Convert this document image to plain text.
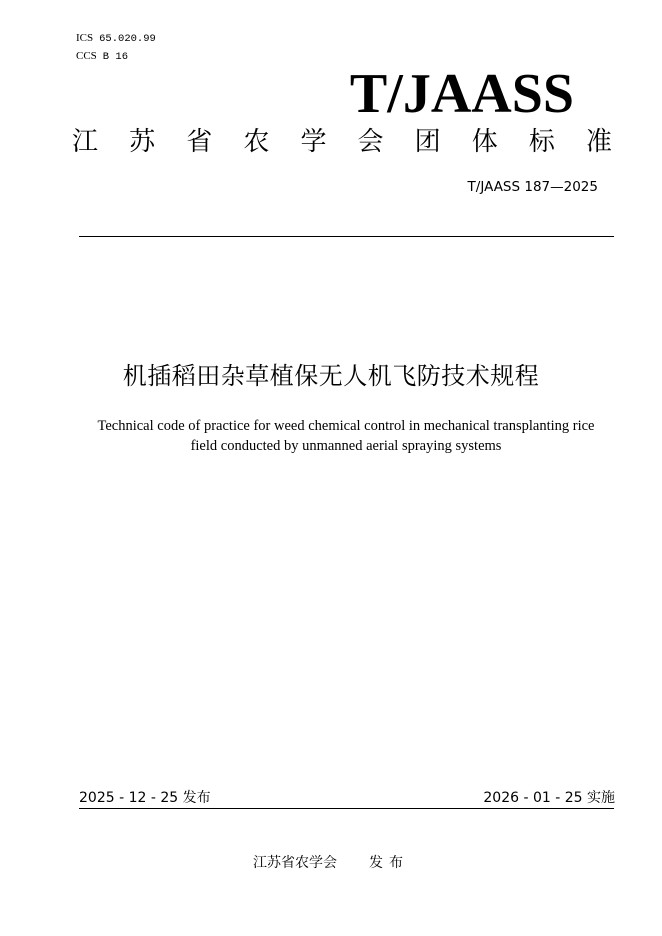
ICS 65.020.99
CCS B 16
T/JAASS
江 苏 省 农 学 会 团 体 标 准
T/JAASS 187—2025
机插稻田杂草植保无人机飞防技术规程
Technical code of practice for weed chemical control in mechanical transplanting rice
field conducted by unmanned aerial spraying systems
2025 - 12 - 25 发布	2026 - 01 - 25 实施
江苏省农学会 发布
